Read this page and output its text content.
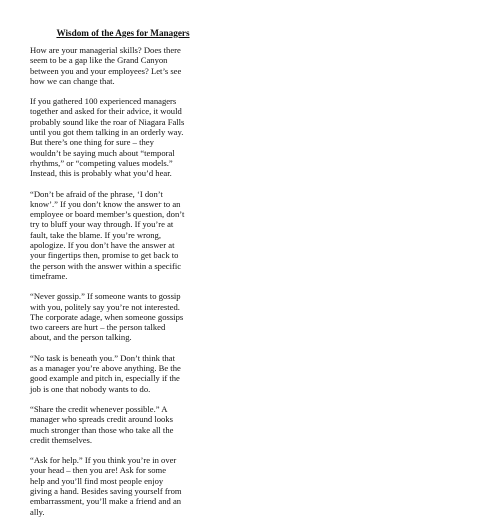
Wisdom of the Ages for Managers
How are your managerial skills? Does there
seem to be a gap like the Grand Canyon
between you and your employees? Let’s see
how we can change that.
If you gathered 100 experienced managers
together and asked for their advice, it would
probably sound like the roar of Niagara Falls
until you got them talking in an orderly way.
But there’s one thing for sure – they
wouldn’t be saying much about “temporal
rhythms,” or “competing values models.”
Instead, this is probably what you’d hear.
“Don’t be afraid of the phrase, ‘I don’t
know’.” If you don’t know the answer to an
employee or board member’s question, don’t
try to bluff your way through. If you’re at
fault, take the blame. If you’re wrong,
apologize. If you don’t have the answer at
your fingertips then, promise to get back to
the person with the answer within a specific
timeframe.
“Never gossip.” If someone wants to gossip
with you, politely say you’re not interested.
The corporate adage, when someone gossips
two careers are hurt – the person talked
about, and the person talking.
“No task is beneath you.” Don’t think that
as a manager you’re above anything. Be the
good example and pitch in, especially if the
job is one that nobody wants to do.
“Share the credit whenever possible.” A
manager who spreads credit around looks
much stronger than those who take all the
credit themselves.
“Ask for help.” If you think you’re in over
your head – then you are! Ask for some
help and you’ll find most people enjoy
giving a hand. Besides saving yourself from
embarrassment, you’ll make a friend and an
ally.
